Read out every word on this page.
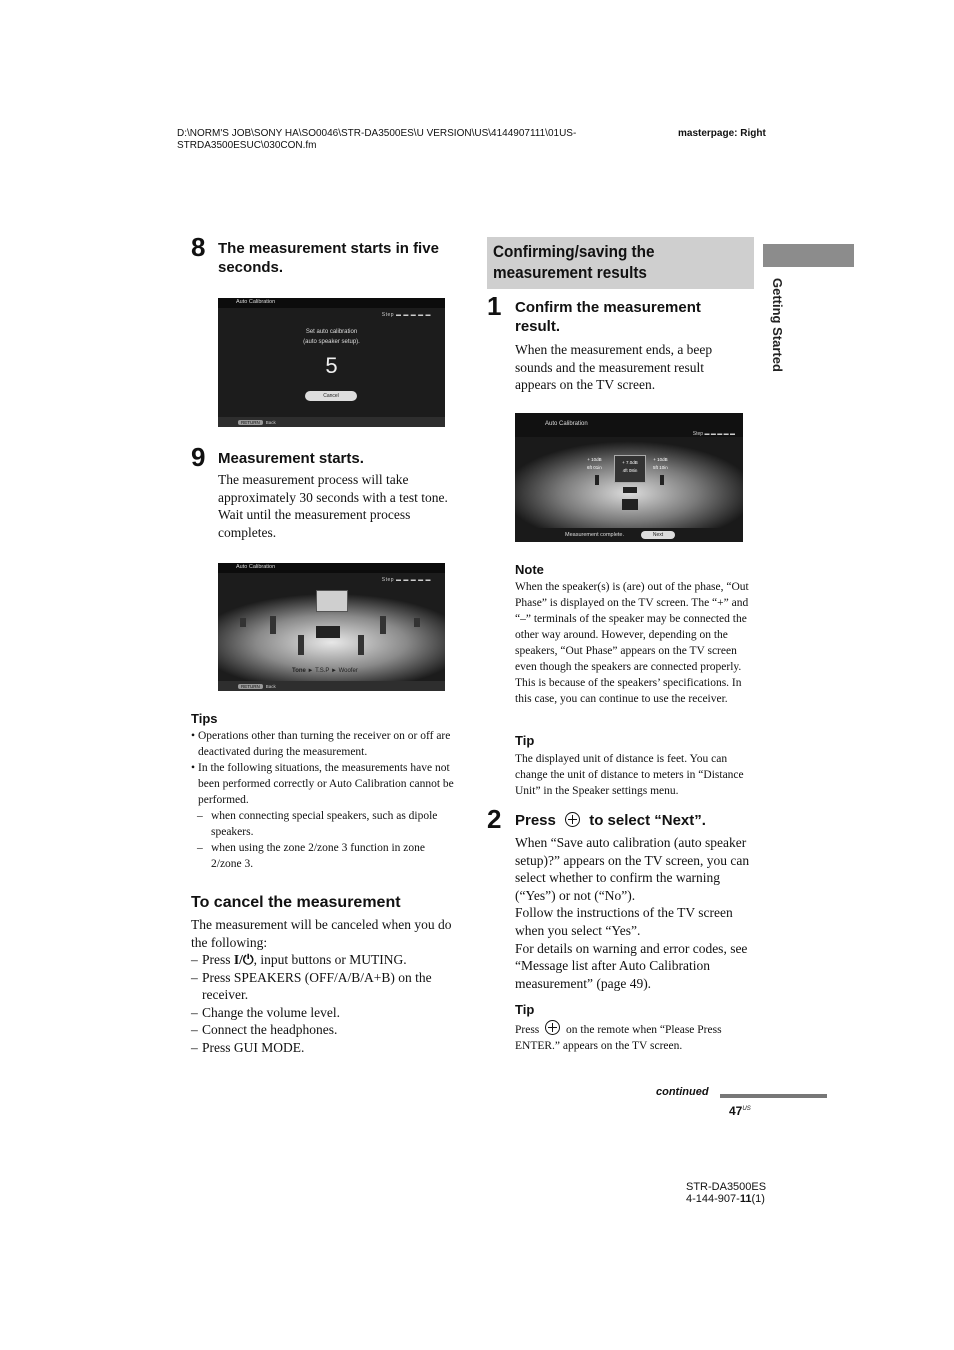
D:\NORM'S JOB\SONY HA\SO0046\STR-DA3500ES\U VERSION\US\4144907111\01US-
STRDA3500ESUC\030CON.fm
masterpage: Right
Getting Started
8 The measurement starts in five seconds.
Auto Calibration
Step ▬ ▬ ▬ ▬ ▬
Set auto calibration
(auto speaker setup).
5
Cancel
RETURN Back
9 Measurement starts.
The measurement process will take approximately 30 seconds with a test tone. Wait until the measurement process completes.
Auto Calibration
Step ▬ ▬ ▬ ▬ ▬
Tone ► T.S.P ► Woofer
RETURN Back
Tips
• Operations other than turning the receiver on or off are deactivated during the measurement.
• In the following situations, the measurements have not been performed correctly or Auto Calibration cannot be performed.
– when connecting special speakers, such as dipole speakers.
– when using the zone 2/zone 3 function in zone 2/zone 3.
To cancel the measurement
The measurement will be canceled when you do the following:
– Press I/⏻, input buttons or MUTING.
– Press SPEAKERS (OFF/A/B/A+B) on the receiver.
– Change the volume level.
– Connect the headphones.
– Press GUI MODE.
Confirming/saving the measurement results
1 Confirm the measurement result.
When the measurement ends, a beep sounds and the measurement result appears on the TV screen.
Auto Calibration
Step ▬ ▬ ▬ ▬ ▬
+ 10dB
6ft 01in
+ 7.0dB
4ft 08in
+ 10dB
5ft 10in
Measurement complete.	Next
Note
When the speaker(s) is (are) out of the phase, “Out Phase” is displayed on the TV screen. The “+” and “–” terminals of the speaker may be connected the other way around. However, depending on the speakers, “Out Phase” appears on the TV screen even though the speakers are connected properly. This is because of the speakers’ specifications. In this case, you can continue to use the receiver.
Tip
The displayed unit of distance is feet. You can change the unit of distance to meters in “Distance Unit” in the Speaker settings menu.
2 Press to select “Next”.
When “Save auto calibration (auto speaker setup)?” appears on the TV screen, you can select whether to confirm the warning (“Yes”) or not (“No”).
Follow the instructions of the TV screen when you select “Yes”.
For details on warning and error codes, see “Message list after Auto Calibration measurement” (page 49).
Tip
Press on the remote when “Please Press ENTER.” appears on the TV screen.
continued
$47^{US}$
STR-DA3500ES
4-144-907-11(1)
